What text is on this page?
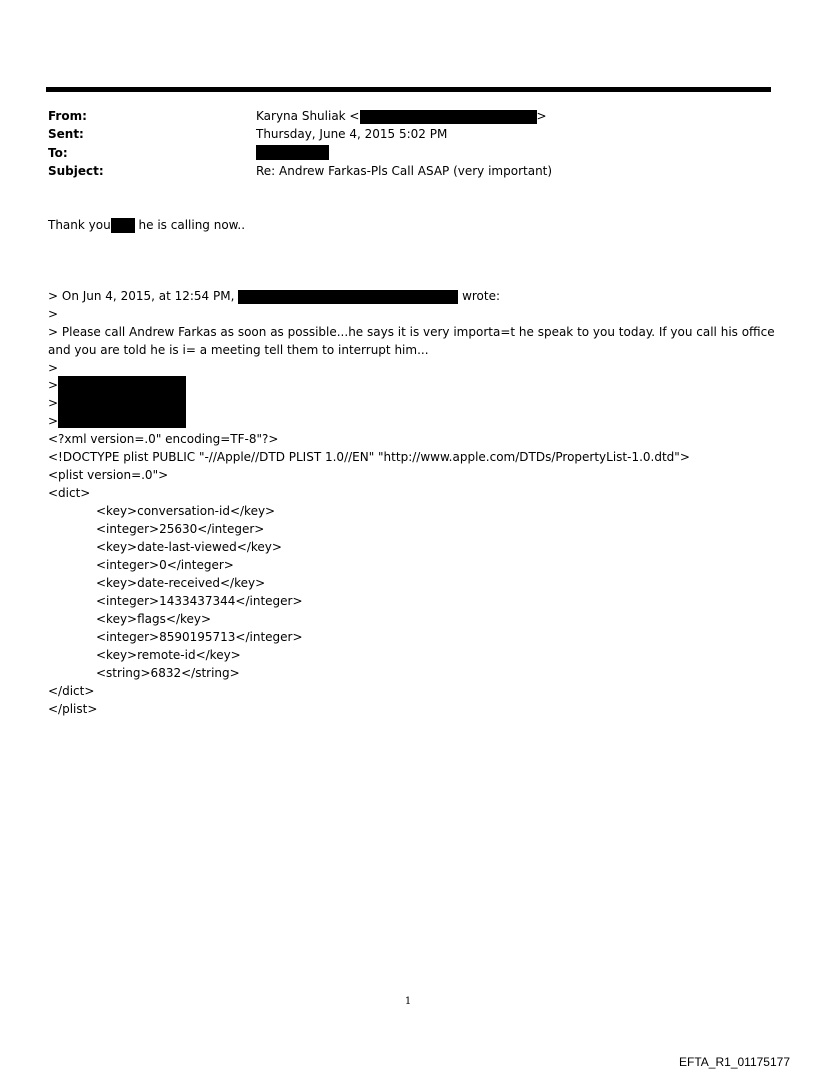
From:	Karyna Shuliak <	>
Sent:	Thursday, June 4, 2015 5:02 PM
To:
Subject:	Re: Andrew Farkas-Pls Call ASAP (very important)
Thank you he is calling now..
> On Jun 4, 2015, at 12:54 PM,	wrote:
>
> Please call Andrew Farkas as soon as possible...he says it is very importa=t he speak to you today. If you call his office
and you are told he is i= a meeting tell them to interrupt him...
>
>
>
>
<?xml version=.0" encoding=TF-8"?>
<!DOCTYPE plist PUBLIC "-//Apple//DTD PLIST 1.0//EN" "http://www.apple.com/DTDs/PropertyList-1.0.dtd">
<plist version=.0">
<dict>
<key>conversation-id</key>
<integer>25630</integer>
<key>date-last-viewed</key>
<integer>0</integer>
<key>date-received</key>
<integer>1433437344</integer>
<key>flags</key>
<integer>8590195713</integer>
<key>remote-id</key>
<string>6832</string>
</dict>
</plist>
1
EFTA_R1_01175177
